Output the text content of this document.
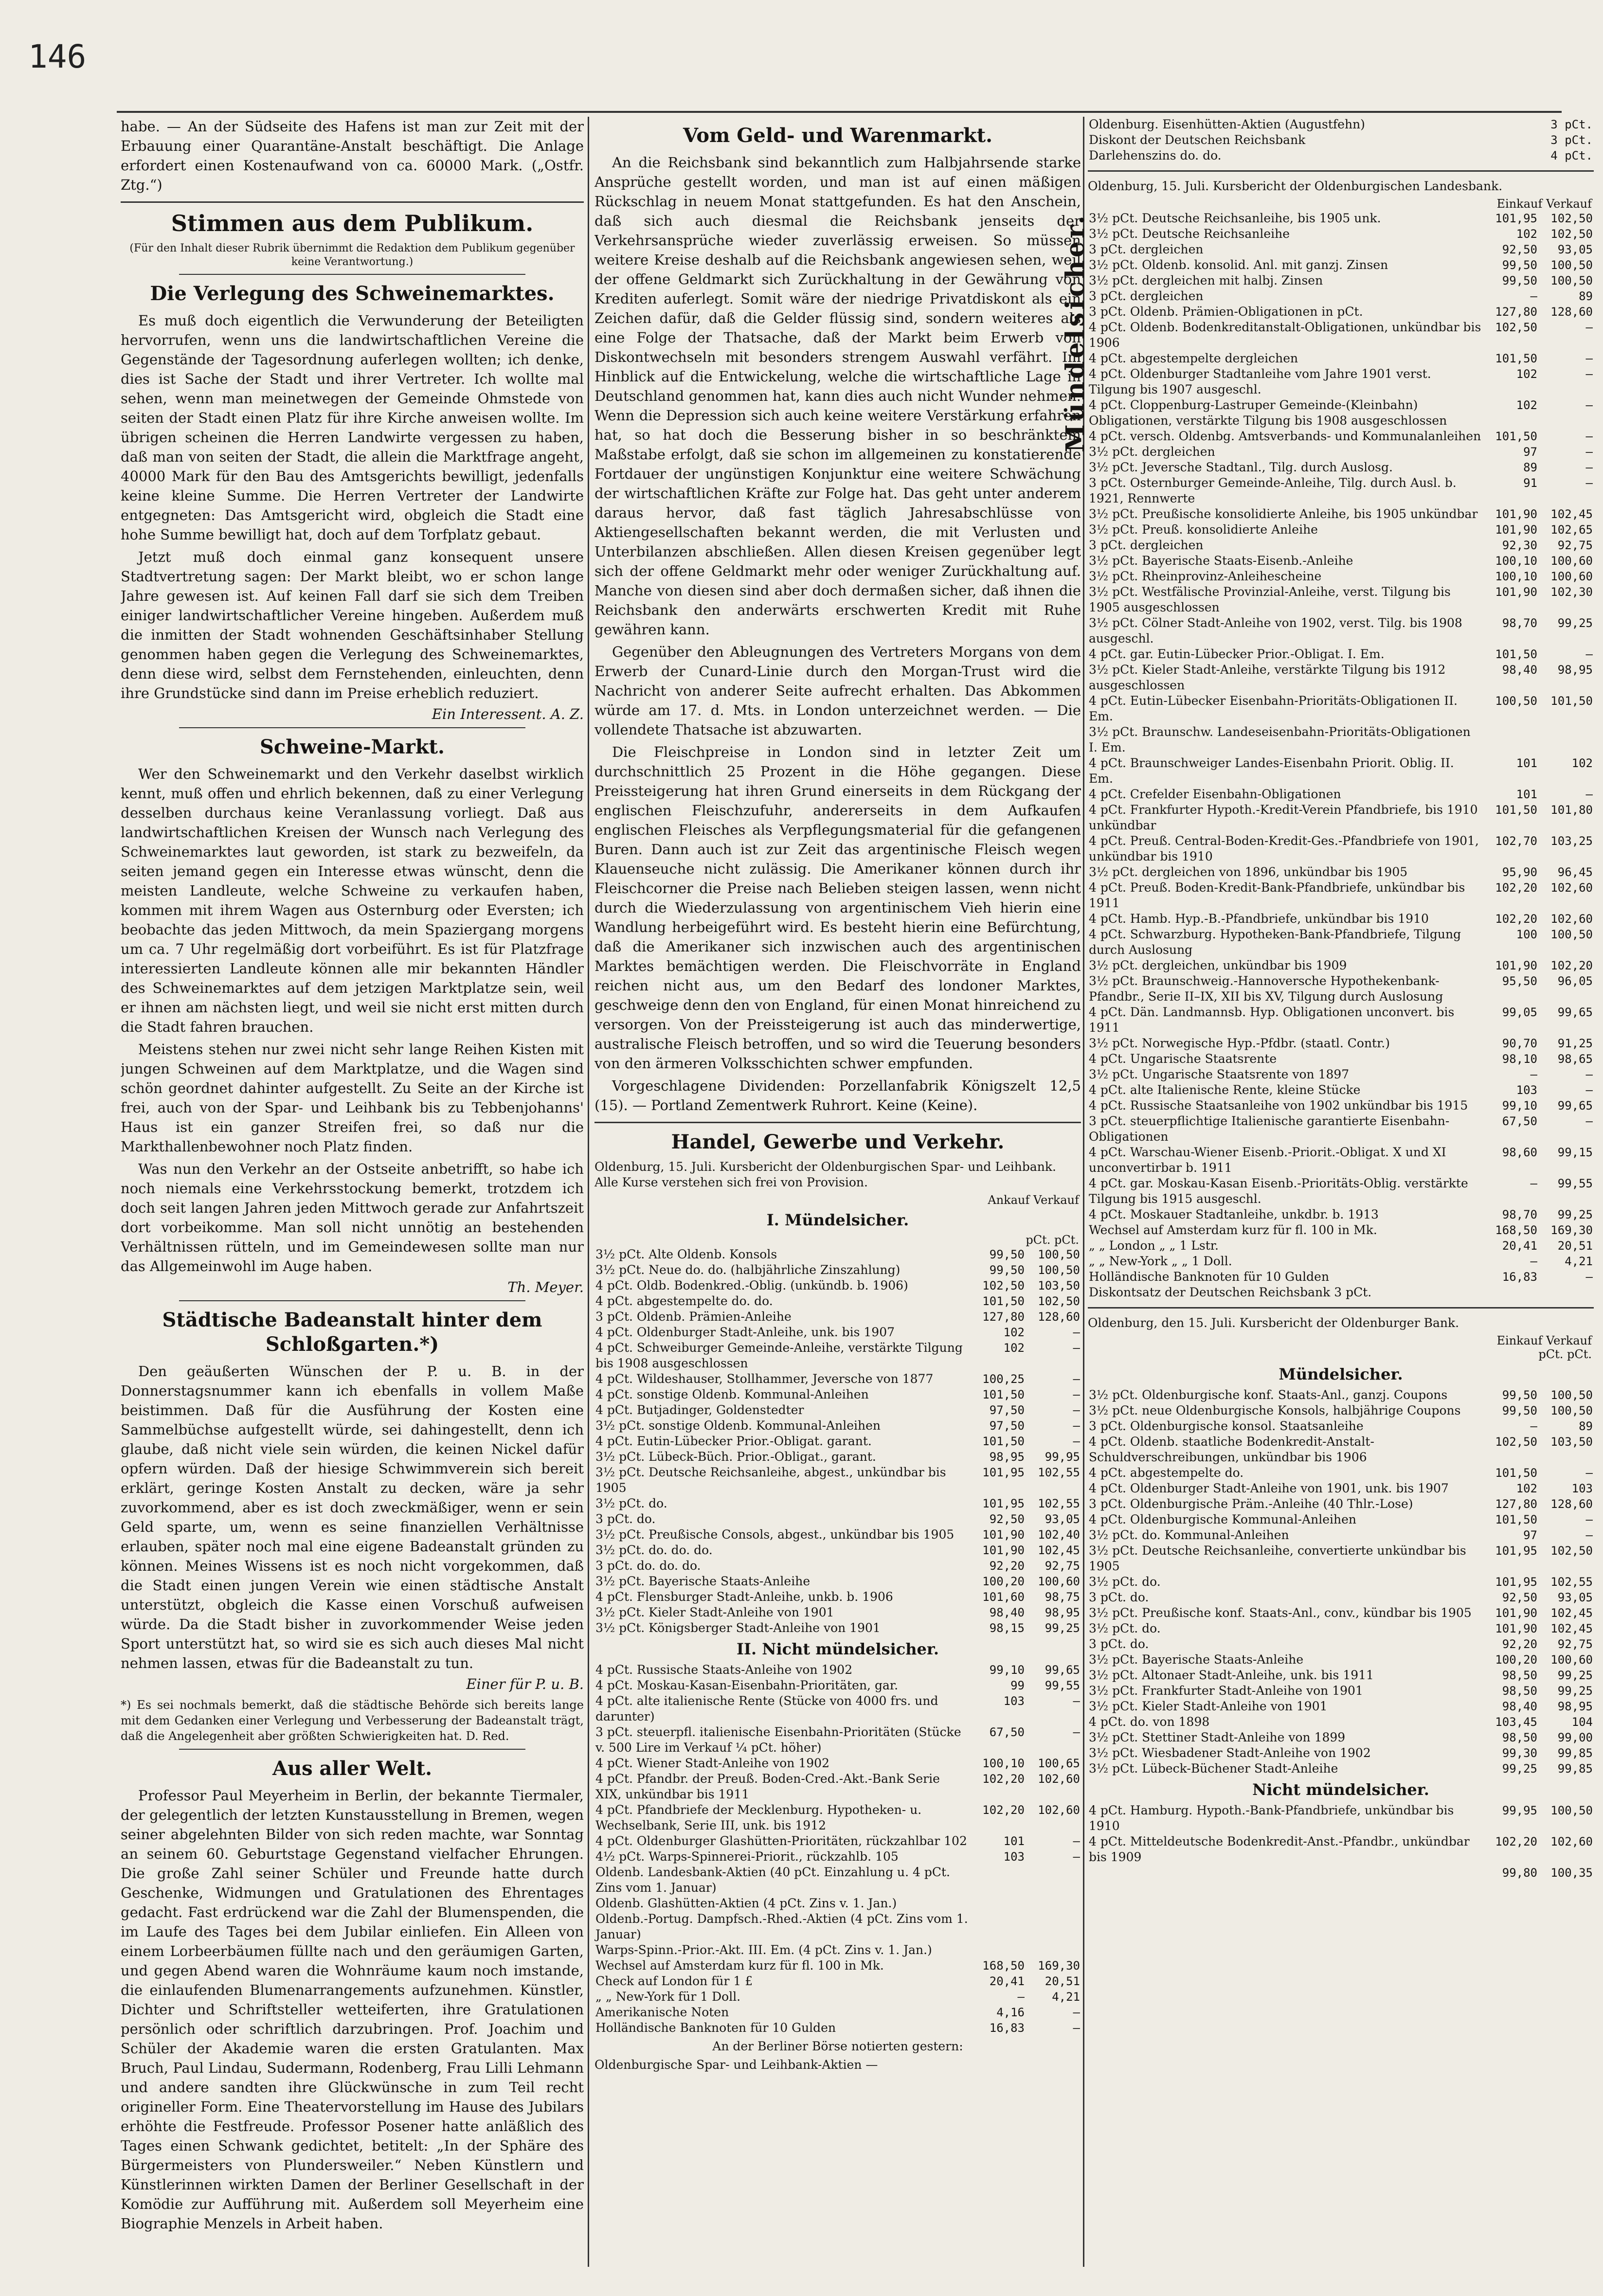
146

habe. — An der Südseite des Hafens ist man zur Zeit mit der Erbauung einer Quarantäne-Anstalt beschäftigt. Die Anlage erfordert einen Kostenaufwand von ca. 60000 Mark. („Ostfr. Ztg.“)

Stimmen aus dem Publikum.
(Für den Inhalt dieser Rubrik übernimmt die Redaktion dem Publikum gegenüber keine Verantwortung.)
Die Verlegung des Schweinemarktes.

Es muß doch eigentlich die Verwunderung der Beteiligten hervorrufen, wenn uns die landwirtschaftlichen Vereine die Gegenstände der Tagesordnung auferlegen wollten; ich denke, dies ist Sache der Stadt und ihrer Vertreter. Ich wollte mal sehen, wenn man meinetwegen der Gemeinde Ohmstede von seiten der Stadt einen Platz für ihre Kirche anweisen wollte. Im übrigen scheinen die Herren Landwirte vergessen zu haben, daß man von seiten der Stadt, die allein die Marktfrage angeht, 40000 Mark für den Bau des Amtsgerichts bewilligt, jedenfalls keine kleine Summe. Die Herren Vertreter der Landwirte entgegneten: Das Amtsgericht wird, obgleich die Stadt eine hohe Summe bewilligt hat, doch auf dem Torfplatz gebaut.

Jetzt muß doch einmal ganz konsequent unsere Stadtvertretung sagen: Der Markt bleibt, wo er schon lange Jahre gewesen ist. Auf keinen Fall darf sie sich dem Treiben einiger landwirtschaftlicher Vereine hingeben. Außerdem muß die inmitten der Stadt wohnenden Geschäftsinhaber Stellung genommen haben gegen die Verlegung des Schweinemarktes, denn diese wird, selbst dem Fernstehenden, einleuchten, denn ihre Grundstücke sind dann im Preise erheblich reduziert.

Ein Interessent. A. Z.
Schweine-Markt.

Wer den Schweinemarkt und den Verkehr daselbst wirklich kennt, muß offen und ehrlich bekennen, daß zu einer Verlegung desselben durchaus keine Veranlassung vorliegt. Daß aus landwirtschaftlichen Kreisen der Wunsch nach Verlegung des Schweinemarktes laut geworden, ist stark zu bezweifeln, da seiten jemand gegen ein Interesse etwas wünscht, denn die meisten Landleute, welche Schweine zu verkaufen haben, kommen mit ihrem Wagen aus Osternburg oder Eversten; ich beobachte das jeden Mittwoch, da mein Spaziergang morgens um ca. 7 Uhr regelmäßig dort vorbeiführt. Es ist für Platzfrage interessierten Landleute können alle mir bekannten Händler des Schweinemarktes auf dem jetzigen Marktplatze sein, weil er ihnen am nächsten liegt, und weil sie nicht erst mitten durch die Stadt fahren brauchen.

Meistens stehen nur zwei nicht sehr lange Reihen Kisten mit jungen Schweinen auf dem Marktplatze, und die Wagen sind schön geordnet dahinter aufgestellt. Zu Seite an der Kirche ist frei, auch von der Spar- und Leihbank bis zu Tebbenjohanns' Haus ist ein ganzer Streifen frei, so daß nur die Markthallenbewohner noch Platz finden.

Was nun den Verkehr an der Ostseite anbetrifft, so habe ich noch niemals eine Verkehrsstockung bemerkt, trotzdem ich doch seit langen Jahren jeden Mittwoch gerade zur Anfahrtszeit dort vorbeikomme. Man soll nicht unnötig an bestehenden Verhältnissen rütteln, und im Gemeindewesen sollte man nur das Allgemeinwohl im Auge haben.

Th. Meyer.
Städtische Badeanstalt hinter dem Schloßgarten.*)

Den geäußerten Wünschen der P. u. B. in der Donnerstagsnummer kann ich ebenfalls in vollem Maße beistimmen. Daß für die Ausführung der Kosten eine Sammelbüchse aufgestellt würde, sei dahingestellt, denn ich glaube, daß nicht viele sein würden, die keinen Nickel dafür opfern würden. Daß der hiesige Schwimmverein sich bereit erklärt, geringe Kosten Anstalt zu decken, wäre ja sehr zuvorkommend, aber es ist doch zweckmäßiger, wenn er sein Geld sparte, um, wenn es seine finanziellen Verhältnisse erlauben, später noch mal eine eigene Badeanstalt gründen zu können. Meines Wissens ist es noch nicht vorgekommen, daß die Stadt einen jungen Verein wie einen städtische Anstalt unterstützt, obgleich die Kasse einen Vorschuß aufweisen würde. Da die Stadt bisher in zuvorkommender Weise jeden Sport unterstützt hat, so wird sie es sich auch dieses Mal nicht nehmen lassen, etwas für die Badeanstalt zu tun.

Einer für P. u. B.

*) Es sei nochmals bemerkt, daß die städtische Behörde sich bereits lange mit dem Gedanken einer Verlegung und Verbesserung der Badeanstalt trägt, daß die Angelegenheit aber größten Schwierigkeiten hat. D. Red.

Aus aller Welt.

Professor Paul Meyerheim in Berlin, der bekannte Tiermaler, der gelegentlich der letzten Kunstausstellung in Bremen, wegen seiner abgelehnten Bilder von sich reden machte, war Sonntag an seinem 60. Geburtstage Gegenstand vielfacher Ehrungen. Die große Zahl seiner Schüler und Freunde hatte durch Geschenke, Widmungen und Gratulationen des Ehrentages gedacht. Fast erdrückend war die Zahl der Blumenspenden, die im Laufe des Tages bei dem Jubilar einliefen. Ein Alleen von einem Lorbeerbäumen füllte nach und den geräumigen Garten, und gegen Abend waren die Wohnräume kaum noch imstande, die einlaufenden Blumenarrangements aufzunehmen. Künstler, Dichter und Schriftsteller wetteiferten, ihre Gratulationen persönlich oder schriftlich darzubringen. Prof. Joachim und Schüler der Akademie waren die ersten Gratulanten. Max Bruch, Paul Lindau, Sudermann, Rodenberg, Frau Lilli Lehmann und andere sandten ihre Glückwünsche in zum Teil recht origineller Form. Eine Theatervorstellung im Hause des Jubilars erhöhte die Festfreude. Professor Posener hatte anläßlich des Tages einen Schwank gedichtet, betitelt: „In der Sphäre des Bürgermeisters von Plundersweiler.“ Neben Künstlern und Künstlerinnen wirkten Damen der Berliner Gesellschaft in der Komödie zur Aufführung mit. Außerdem soll Meyerheim eine Biographie Menzels in Arbeit haben.

Vom Geld- und Warenmarkt.

An die Reichsbank sind bekanntlich zum Halbjahrsende starke Ansprüche gestellt worden, und man ist auf einen mäßigen Rückschlag in neuem Monat stattgefunden. Es hat den Anschein, daß sich auch diesmal die Reichsbank jenseits der Verkehrsansprüche wieder zuverlässig erweisen. So müssen weitere Kreise deshalb auf die Reichsbank angewiesen sehen, weil der offene Geldmarkt sich Zurückhaltung in der Gewährung von Krediten auferlegt. Somit wäre der niedrige Privatdiskont als ein Zeichen dafür, daß die Gelder flüssig sind, sondern weiteres als eine Folge der Thatsache, daß der Markt beim Erwerb von Diskontwechseln mit besonders strengem Auswahl verfährt. Im Hinblick auf die Entwickelung, welche die wirtschaftliche Lage in Deutschland genommen hat, kann dies auch nicht Wunder nehmen. Wenn die Depression sich auch keine weitere Verstärkung erfahren hat, so hat doch die Besserung bisher in so beschränktem Maßstabe erfolgt, daß sie schon im allgemeinen zu konstatierende Fortdauer der ungünstigen Konjunktur eine weitere Schwächung der wirtschaftlichen Kräfte zur Folge hat. Das geht unter anderem daraus hervor, daß fast täglich Jahresabschlüsse von Aktiengesellschaften bekannt werden, die mit Verlusten und Unterbilanzen abschließen. Allen diesen Kreisen gegenüber legt sich der offene Geldmarkt mehr oder weniger Zurückhaltung auf. Manche von diesen sind aber doch dermaßen sicher, daß ihnen die Reichsbank den anderwärts erschwerten Kredit mit Ruhe gewähren kann.

Gegenüber den Ableugnungen des Vertreters Morgans von dem Erwerb der Cunard-Linie durch den Morgan-Trust wird die Nachricht von anderer Seite aufrecht erhalten. Das Abkommen würde am 17. d. Mts. in London unterzeichnet werden. — Die vollendete Thatsache ist abzuwarten.

Die Fleischpreise in London sind in letzter Zeit um durchschnittlich 25 Prozent in die Höhe gegangen. Diese Preissteigerung hat ihren Grund einerseits in dem Rückgang der englischen Fleischzufuhr, andererseits in dem Aufkaufen englischen Fleisches als Verpflegungsmaterial für die gefangenen Buren. Dann auch ist zur Zeit das argentinische Fleisch wegen Klauenseuche nicht zulässig. Die Amerikaner können durch ihr Fleischcorner die Preise nach Belieben steigen lassen, wenn nicht durch die Wiederzulassung von argentinischem Vieh hierin eine Wandlung herbeigeführt wird. Es besteht hierin eine Befürchtung, daß die Amerikaner sich inzwischen auch des argentinischen Marktes bemächtigen werden. Die Fleischvorräte in England reichen nicht aus, um den Bedarf des londoner Marktes, geschweige denn den von England, für einen Monat hinreichend zu versorgen. Von der Preissteigerung ist auch das minderwertige, australische Fleisch betroffen, und so wird die Teuerung besonders von den ärmeren Volksschichten schwer empfunden.

Vorgeschlagene Dividenden: Porzellanfabrik Königszelt 12,5 (15). — Portland Zementwerk Ruhrort. Keine (Keine).

Handel, Gewerbe und Verkehr.
Oldenburg, 15. Juli. Kursbericht der Oldenburgischen Spar- und Leihbank. Alle Kurse verstehen sich frei von Provision.
Ankauf Verkauf
I. Mündelsicher.
pCt. pCt.
3½ pCt. Alte Oldenb. Konsols	99,50	100,50
3½ pCt. Neue do. do. (halbjährliche Zinszahlung)	99,50	100,50
4 pCt. Oldb. Bodenkred.-Oblig. (unkündb. b. 1906)	102,50	103,50
4 pCt. abgestempelte do. do.	101,50	102,50
3 pCt. Oldenb. Prämien-Anleihe	127,80	128,60
4 pCt. Oldenburger Stadt-Anleihe, unk. bis 1907	102	—
4 pCt. Schweiburger Gemeinde-Anleihe, verstärkte Tilgung bis 1908 ausgeschlossen	102	—
4 pCt. Wildeshauser, Stollhammer, Jeversche von 1877	100,25	—
4 pCt. sonstige Oldenb. Kommunal-Anleihen	101,50	—
4 pCt. Butjadinger, Goldenstedter	97,50	—
3½ pCt. sonstige Oldenb. Kommunal-Anleihen	97,50	—
4 pCt. Eutin-Lübecker Prior.-Obligat. garant.	101,50	—
3½ pCt. Lübeck-Büch. Prior.-Obligat., garant.	98,95	99,95
3½ pCt. Deutsche Reichsanleihe, abgest., unkündbar bis 1905	101,95	102,55
3½ pCt. do.	101,95	102,55
3 pCt. do.	92,50	93,05
3½ pCt. Preußische Consols, abgest., unkündbar bis 1905	101,90	102,40
3½ pCt. do. do. do.	101,90	102,45
3 pCt. do. do. do.	92,20	92,75
3½ pCt. Bayerische Staats-Anleihe	100,20	100,60
4 pCt. Flensburger Stadt-Anleihe, unkb. b. 1906	101,60	98,75
3½ pCt. Kieler Stadt-Anleihe von 1901	98,40	98,95
3½ pCt. Königsberger Stadt-Anleihe von 1901	98,15	99,25
II. Nicht mündelsicher.
4 pCt. Russische Staats-Anleihe von 1902	99,10	99,65
4 pCt. Moskau-Kasan-Eisenbahn-Prioritäten, gar.	99	99,55
4 pCt. alte italienische Rente (Stücke von 4000 frs. und darunter)	103	—
3 pCt. steuerpfl. italienische Eisenbahn-Prioritäten (Stücke v. 500 Lire im Verkauf ¼ pCt. höher)	67,50	—
4 pCt. Wiener Stadt-Anleihe von 1902	100,10	100,65
4 pCt. Pfandbr. der Preuß. Boden-Cred.-Akt.-Bank Serie XIX, unkündbar bis 1911	102,20	102,60
4 pCt. Pfandbriefe der Mecklenburg. Hypotheken- u. Wechselbank, Serie III, unk. bis 1912	102,20	102,60
4 pCt. Oldenburger Glashütten-Prioritäten, rückzahlbar 102	101	—
4½ pCt. Warps-Spinnerei-Priorit., rückzahlb. 105	103	—
Oldenb. Landesbank-Aktien (40 pCt. Einzahlung u. 4 pCt. Zins vom 1. Januar)		
Oldenb. Glashütten-Aktien (4 pCt. Zins v. 1. Jan.)		
Oldenb.-Portug. Dampfsch.-Rhed.-Aktien (4 pCt. Zins vom 1. Januar)		
Warps-Spinn.-Prior.-Akt. III. Em. (4 pCt. Zins v. 1. Jan.)		
Wechsel auf Amsterdam kurz für fl. 100 in Mk.	168,50	169,30
Check auf London für 1 £	20,41	20,51
„ „ New-York für 1 Doll.	—	4,21
Amerikanische Noten	4,16	—
Holländische Banknoten für 10 Gulden	16,83	—
An der Berliner Börse notierten gestern:
Oldenburgische Spar- und Leihbank-Aktien —
Mündelsicher.
Oldenburg. Eisenhütten-Aktien (Augustfehn)	3 pCt.
Diskont der Deutschen Reichsbank	3 pCt.
Darlehenszins do. do.	4 pCt.
Oldenburg, 15. Juli. Kursbericht der Oldenburgischen Landesbank.
Einkauf Verkauf
3½ pCt. Deutsche Reichsanleihe, bis 1905 unk.	101,95	102,50
3½ pCt. Deutsche Reichsanleihe	102	102,50
3 pCt. dergleichen	92,50	93,05
3½ pCt. Oldenb. konsolid. Anl. mit ganzj. Zinsen	99,50	100,50
3½ pCt. dergleichen mit halbj. Zinsen	99,50	100,50
3 pCt. dergleichen	—	89
3 pCt. Oldenb. Prämien-Obligationen in pCt.	127,80	128,60
4 pCt. Oldenb. Bodenkreditanstalt-Obligationen, unkündbar bis 1906	102,50	—
4 pCt. abgestempelte dergleichen	101,50	—
4 pCt. Oldenburger Stadtanleihe vom Jahre 1901 verst. Tilgung bis 1907 ausgeschl.	102	—
4 pCt. Cloppenburg-Lastruper Gemeinde-(Kleinbahn) Obligationen, verstärkte Tilgung bis 1908 ausgeschlossen	102	—
4 pCt. versch. Oldenbg. Amtsverbands- und Kommunalanleihen	101,50	—
3½ pCt. dergleichen	97	—
3½ pCt. Jeversche Stadtanl., Tilg. durch Auslosg.	89	—
3 pCt. Osternburger Gemeinde-Anleihe, Tilg. durch Ausl. b. 1921, Rennwerte	91	—
3½ pCt. Preußische konsolidierte Anleihe, bis 1905 unkündbar	101,90	102,45
3½ pCt. Preuß. konsolidierte Anleihe	101,90	102,65
3 pCt. dergleichen	92,30	92,75
3½ pCt. Bayerische Staats-Eisenb.-Anleihe	100,10	100,60
3½ pCt. Rheinprovinz-Anleihescheine	100,10	100,60
3½ pCt. Westfälische Provinzial-Anleihe, verst. Tilgung bis 1905 ausgeschlossen	101,90	102,30
3½ pCt. Cölner Stadt-Anleihe von 1902, verst. Tilg. bis 1908 ausgeschl.	98,70	99,25
4 pCt. gar. Eutin-Lübecker Prior.-Obligat. I. Em.	101,50	—
3½ pCt. Kieler Stadt-Anleihe, verstärkte Tilgung bis 1912 ausgeschlossen	98,40	98,95
4 pCt. Eutin-Lübecker Eisenbahn-Prioritäts-Obligationen II. Em.	100,50	101,50
3½ pCt. Braunschw. Landeseisenbahn-Prioritäts-Obligationen I. Em.		
4 pCt. Braunschweiger Landes-Eisenbahn Priorit. Oblig. II. Em.	101	102
4 pCt. Crefelder Eisenbahn-Obligationen	101	—
4 pCt. Frankfurter Hypoth.-Kredit-Verein Pfandbriefe, bis 1910 unkündbar	101,50	101,80
4 pCt. Preuß. Central-Boden-Kredit-Ges.-Pfandbriefe von 1901, unkündbar bis 1910	102,70	103,25
3½ pCt. dergleichen von 1896, unkündbar bis 1905	95,90	96,45
4 pCt. Preuß. Boden-Kredit-Bank-Pfandbriefe, unkündbar bis 1911	102,20	102,60
4 pCt. Hamb. Hyp.-B.-Pfandbriefe, unkündbar bis 1910	102,20	102,60
4 pCt. Schwarzburg. Hypotheken-Bank-Pfandbriefe, Tilgung durch Auslosung	100	100,50
3½ pCt. dergleichen, unkündbar bis 1909	101,90	102,20
3½ pCt. Braunschweig.-Hannoversche Hypothekenbank-Pfandbr., Serie II–IX, XII bis XV, Tilgung durch Auslosung	95,50	96,05
4 pCt. Dän. Landmannsb. Hyp. Obligationen unconvert. bis 1911	99,05	99,65
3½ pCt. Norwegische Hyp.-Pfdbr. (staatl. Contr.)	90,70	91,25
4 pCt. Ungarische Staatsrente	98,10	98,65
3½ pCt. Ungarische Staatsrente von 1897	—	—
4 pCt. alte Italienische Rente, kleine Stücke	103	—
4 pCt. Russische Staatsanleihe von 1902 unkündbar bis 1915	99,10	99,65
3 pCt. steuerpflichtige Italienische garantierte Eisenbahn-Obligationen	67,50	—
4 pCt. Warschau-Wiener Eisenb.-Priorit.-Obligat. X und XI unconvertirbar b. 1911	98,60	99,15
4 pCt. gar. Moskau-Kasan Eisenb.-Prioritäts-Oblig. verstärkte Tilgung bis 1915 ausgeschl.	—	99,55
4 pCt. Moskauer Stadtanleihe, unkdbr. b. 1913	98,70	99,25
Wechsel auf Amsterdam kurz für fl. 100 in Mk.	168,50	169,30
„ „ London „ „ 1 Lstr.	20,41	20,51
„ „ New-York „ „ 1 Doll.	—	4,21
Holländische Banknoten für 10 Gulden	16,83	—
Diskontsatz der Deutschen Reichsbank 3 pCt.		
Oldenburg, den 15. Juli. Kursbericht der Oldenburger Bank.
Einkauf Verkauf
pCt. pCt.
Mündelsicher.
3½ pCt. Oldenburgische konf. Staats-Anl., ganzj. Coupons	99,50	100,50
3½ pCt. neue Oldenburgische Konsols, halbjährige Coupons	99,50	100,50
3 pCt. Oldenburgische konsol. Staatsanleihe	—	89
4 pCt. Oldenb. staatliche Bodenkredit-Anstalt-Schuldverschreibungen, unkündbar bis 1906	102,50	103,50
4 pCt. abgestempelte do.	101,50	—
4 pCt. Oldenburger Stadt-Anleihe von 1901, unk. bis 1907	102	103
3 pCt. Oldenburgische Präm.-Anleihe (40 Thlr.-Lose)	127,80	128,60
4 pCt. Oldenburgische Kommunal-Anleihen	101,50	—
3½ pCt. do. Kommunal-Anleihen	97	—
3½ pCt. Deutsche Reichsanleihe, convertierte unkündbar bis 1905	101,95	102,50
3½ pCt. do.	101,95	102,55
3 pCt. do.	92,50	93,05
3½ pCt. Preußische konf. Staats-Anl., conv., kündbar bis 1905	101,90	102,45
3½ pCt. do.	101,90	102,45
3 pCt. do.	92,20	92,75
3½ pCt. Bayerische Staats-Anleihe	100,20	100,60
3½ pCt. Altonaer Stadt-Anleihe, unk. bis 1911	98,50	99,25
3½ pCt. Frankfurter Stadt-Anleihe von 1901	98,50	99,25
3½ pCt. Kieler Stadt-Anleihe von 1901	98,40	98,95
4 pCt. do. von 1898	103,45	104
3½ pCt. Stettiner Stadt-Anleihe von 1899	98,50	99,00
3½ pCt. Wiesbadener Stadt-Anleihe von 1902	99,30	99,85
3½ pCt. Lübeck-Büchener Stadt-Anleihe	99,25	99,85
Nicht mündelsicher.
4 pCt. Hamburg. Hypoth.-Bank-Pfandbriefe, unkündbar bis 1910	99,95	100,50
4 pCt. Mitteldeutsche Bodenkredit-Anst.-Pfandbr., unkündbar bis 1909	102,20	102,60
	99,80	100,35
